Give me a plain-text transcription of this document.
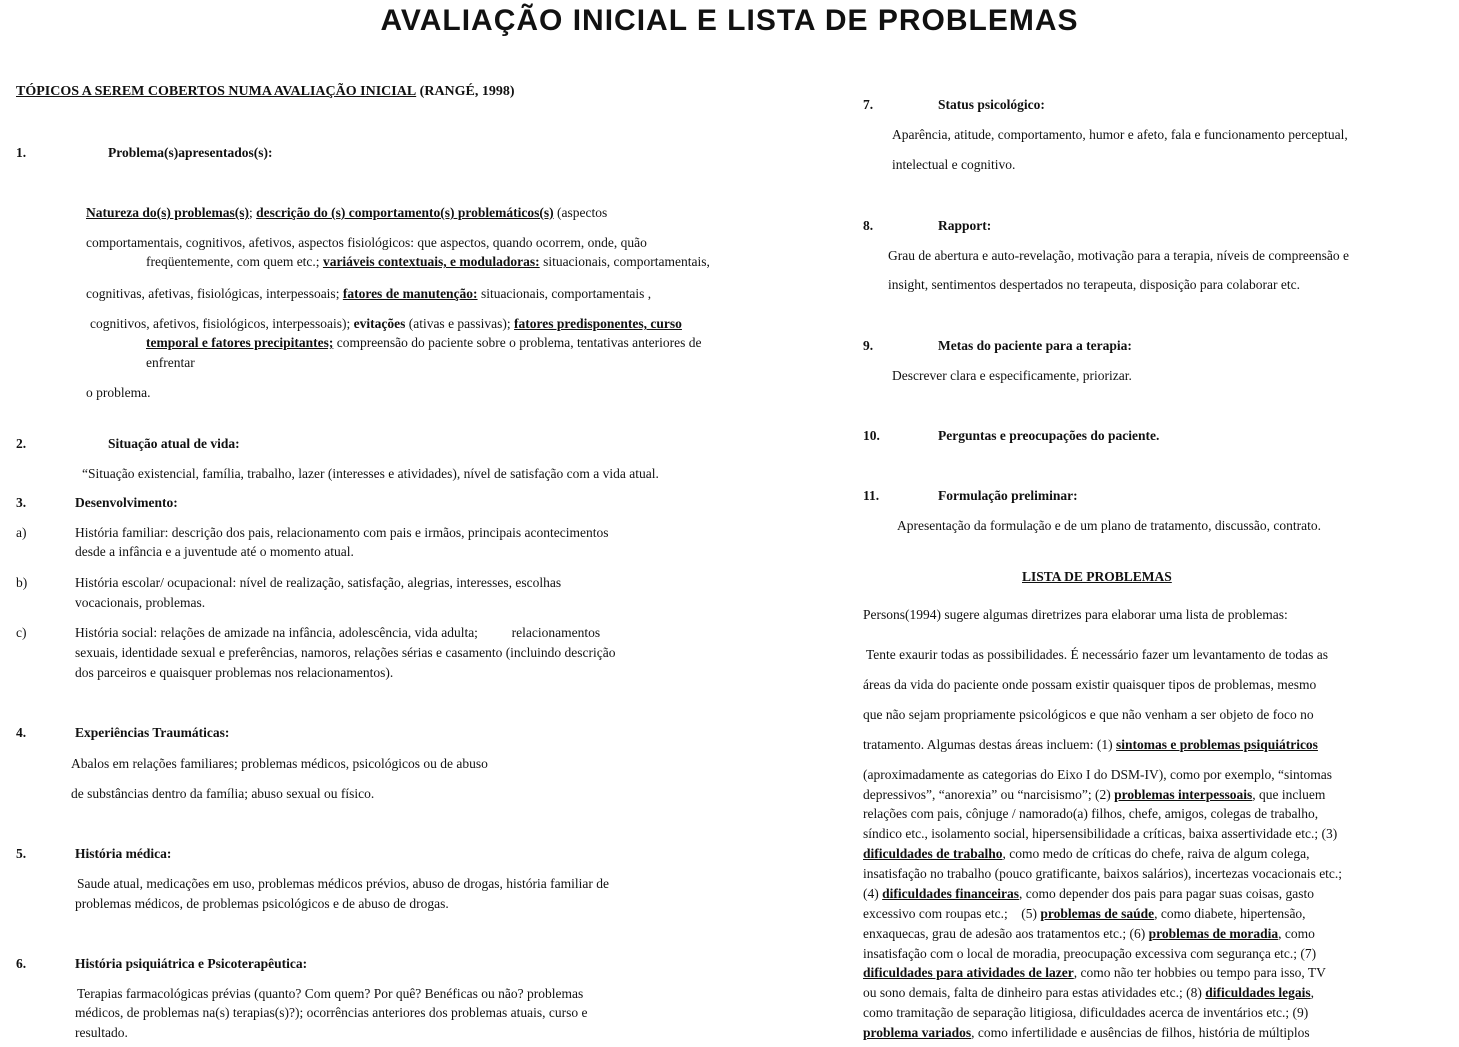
AVALIAÇÃO INICIAL E LISTA DE PROBLEMAS
TÓPICOS A SEREM COBERTOS NUMA AVALIAÇÃO INICIAL (RANGÉ, 1998)
1.	Problema(s)apresentados(s):
Natureza do(s) problemas(s); descrição do (s) comportamento(s) problemáticos(s) (aspectos
comportamentais, cognitivos, afetivos, aspectos fisiológicos: que aspectos, quando ocorrem, onde, quão
freqüentemente, com quem etc.; variáveis contextuais, e moduladoras: situacionais, comportamentais,
cognitivas, afetivas, fisiológicas, interpessoais; fatores de manutenção: situacionais, comportamentais ,
cognitivos, afetivos, fisiológicos, interpessoais); evitações (ativas e passivas); fatores predisponentes, curso
temporal e fatores precipitantes; compreensão do paciente sobre o problema, tentativas anteriores de
enfrentar
o problema.
2.	Situação atual de vida:
“Situação existencial, família, trabalho, lazer (interesses e atividades), nível de satisfação com a vida atual.
3.	Desenvolvimento:
a)	História familiar: descrição dos pais, relacionamento com pais e irmãos, principais acontecimentos
desde a infância e a juventude até o momento atual.
b)	História escolar/ ocupacional: nível de realização, satisfação, alegrias, interesses, escolhas
vocacionais, problemas.
c)	História social: relações de amizade na infância, adolescência, vida adulta;          relacionamentos
sexuais, identidade sexual e preferências, namoros, relações sérias e casamento (incluindo descrição
dos parceiros e quaisquer problemas nos relacionamentos).
4.	Experiências Traumáticas:
Abalos em relações familiares; problemas médicos, psicológicos ou de abuso
de substâncias dentro da família; abuso sexual ou físico.
5.	História médica:
Saude atual, medicações em uso, problemas médicos prévios, abuso de drogas, história familiar de
problemas médicos, de problemas psicológicos e de abuso de drogas.
6.	História psiquiátrica e Psicoterapêutica:
Terapias farmacológicas prévias (quanto? Com quem? Por quê? Benéficas ou não? problemas
médicos, de problemas na(s) terapias(s)?); ocorrências anteriores dos problemas atuais, curso e
resultado.
7.	Status psicológico:
Aparência, atitude, comportamento, humor e afeto, fala e funcionamento perceptual,
intelectual e cognitivo.
8.	Rapport:
Grau de abertura e auto-revelação, motivação para a terapia, níveis de compreensão e
insight, sentimentos despertados no terapeuta, disposição para colaborar etc.
9.	Metas do paciente para a terapia:
Descrever clara e especificamente, priorizar.
10.	Perguntas e preocupações do paciente.
11.	Formulação preliminar:
Apresentação da formulação e de um plano de tratamento, discussão, contrato.
LISTA DE PROBLEMAS
Persons(1994) sugere algumas diretrizes para elaborar uma lista de problemas:
Tente exaurir todas as possibilidades. É necessário fazer um levantamento de todas as
áreas da vida do paciente onde possam existir quaisquer tipos de problemas, mesmo
que não sejam propriamente psicológicos e que não venham a ser objeto de foco no
tratamento. Algumas destas áreas incluem: (1) sintomas e problemas psiquiátricos
(aproximadamente as categorias do Eixo I do DSM-IV), como por exemplo, “sintomas
depressivos”, “anorexia” ou “narcisismo”; (2) problemas interpessoais, que incluem
relações com pais, cônjuge / namorado(a) filhos, chefe, amigos, colegas de trabalho,
síndico etc., isolamento social, hipersensibilidade a críticas, baixa assertividade etc.; (3)
dificuldades de trabalho, como medo de críticas do chefe, raiva de algum colega,
insatisfação no trabalho (pouco gratificante, baixos salários), incertezas vocacionais etc.;
(4) dificuldades financeiras, como depender dos pais para pagar suas coisas, gasto
excessivo com roupas etc.;    (5) problemas de saúde, como diabete, hipertensão,
enxaquecas, grau de adesão aos tratamentos etc.; (6) problemas de moradia, como
insatisfação com o local de moradia, preocupação excessiva com segurança etc.; (7)
dificuldades para atividades de lazer, como não ter hobbies ou tempo para isso, TV
ou sono demais, falta de dinheiro para estas atividades etc.; (8) dificuldades legais,
como tramitação de separação litigiosa, dificuldades acerca de inventários etc.; (9)
problema variados, como infertilidade e ausências de filhos, história de múltiplos
